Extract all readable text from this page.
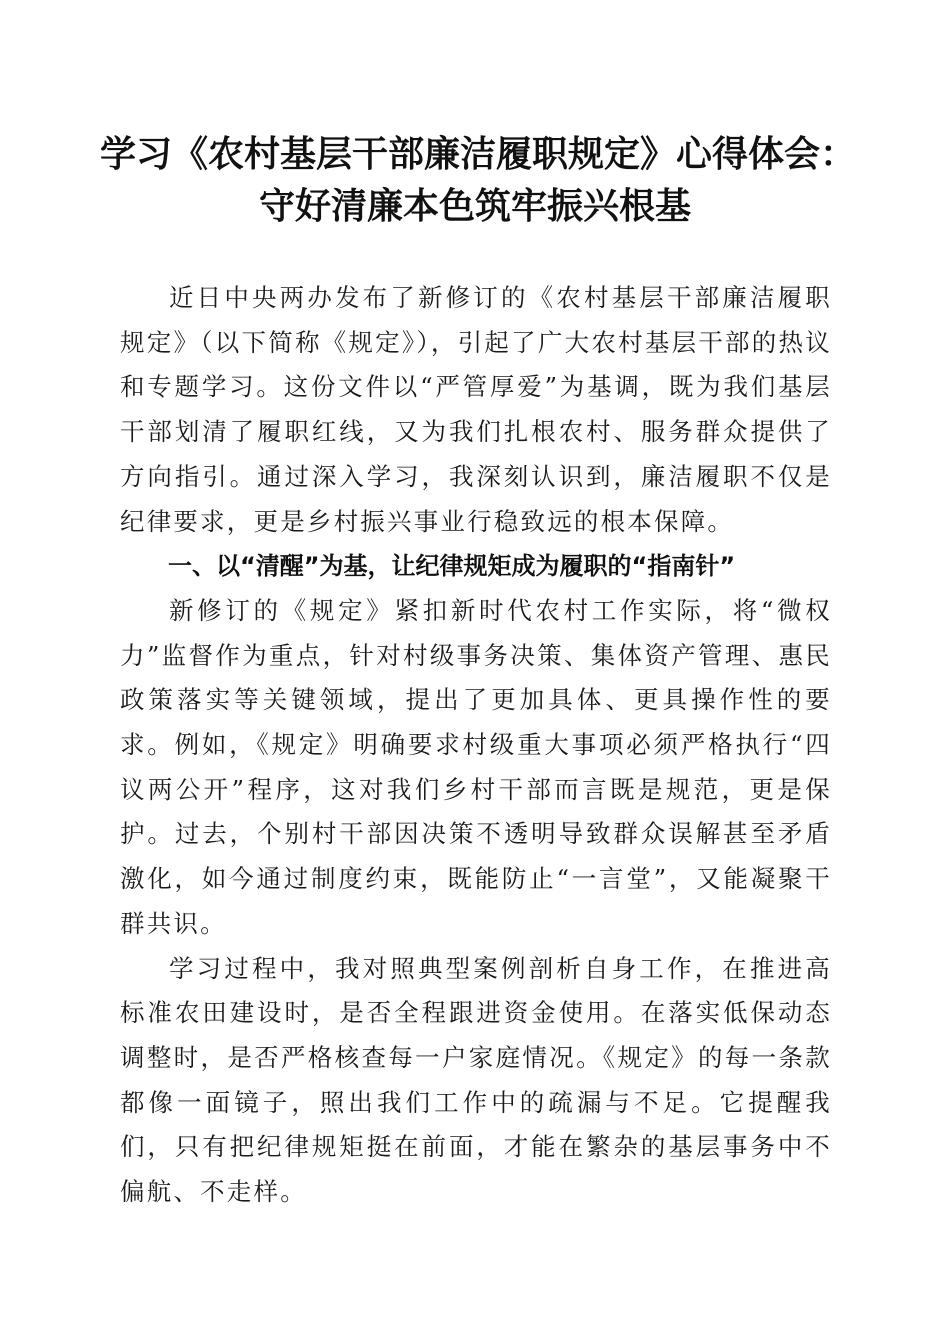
学习《农村基层干部廉洁履职规定》心得体会：
守好清廉本色筑牢振兴根基

近日中央两办发布了新修订的《农村基层干部廉洁履职规定》（以下简称《规定》），引起了广大农村基层干部的热议和专题学习。这份文件以“严管厚爱”为基调，既为我们基层干部划清了履职红线，又为我们扎根农村、服务群众提供了方向指引。通过深入学习，我深刻认识到，廉洁履职不仅是纪律要求，更是乡村振兴事业行稳致远的根本保障。

一、以“清醒”为基，让纪律规矩成为履职的“指南针”

新修订的《规定》紧扣新时代农村工作实际，将“微权力”监督作为重点，针对村级事务决策、集体资产管理、惠民政策落实等关键领域，提出了更加具体、更具操作性的要求。例如，《规定》明确要求村级重大事项必须严格执行“四议两公开”程序，这对我们乡村干部而言既是规范，更是保护。过去，个别村干部因决策不透明导致群众误解甚至矛盾激化，如今通过制度约束，既能防止“一言堂”，又能凝聚干群共识。

学习过程中，我对照典型案例剖析自身工作，在推进高标准农田建设时，是否全程跟进资金使用。在落实低保动态调整时，是否严格核查每一户家庭情况。《规定》的每一条款都像一面镜子，照出我们工作中的疏漏与不足。它提醒我们，只有把纪律规矩挺在前面，才能在繁杂的基层事务中不偏航、不走样。
